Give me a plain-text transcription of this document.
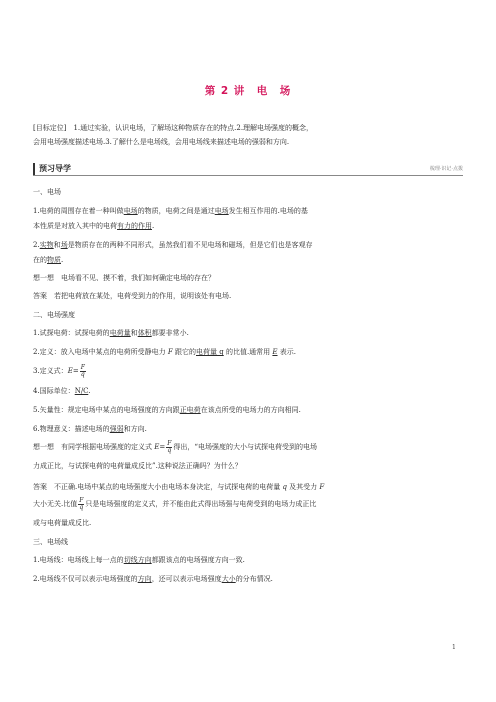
第 2 讲　电　场
[目标定位]　1.通过实验，认识电场，了解场这种物质存在的特点.2.理解电场强度的概念，
会用电场强度描述电场.3.了解什么是电场线，会用电场线来描述电场的强弱和方向.
预习导学	梳理·识记·点拨
一、电场
1.电荷的周围存在着一种叫做电场的物质，电荷之间是通过电场发生相互作用的.电场的基
本性质是对放入其中的电荷有力的作用.
2.实物和场是物质存在的两种不同形式，虽然我们看不见电场和磁场，但是它们也是客观存
在的物质.
想一想　电场看不见、摸不着，我们如何确定电场的存在？
答案　若把电荷放在某处，电荷受到力的作用，说明该处有电场.
二、电场强度
1.试探电荷：试探电荷的电荷量和体积都要非常小.
2.定义：放入电场中某点的电荷所受静电力 F 跟它的电荷量 q 的比值.通常用 E 表示.
3.定义式：$E= \frac{F}{q}$
4.国际单位：N/C.
5.矢量性：规定电场中某点的电场强度的方向跟正电荷在该点所受的电场力的方向相同.
6.物理意义：描述电场的强弱和方向.
想一想　有同学根据电场强度的定义式 $E= \frac{F}{q}$ 得出，“电场强度的大小与试探电荷受到的电场
力成正比，与试探电荷的电荷量成反比”.这种说法正确吗？为什么？
答案　不正确.电场中某点的电场强度大小由电场本身决定，与试探电荷的电荷量 q 及其受力 F
大小无关.比值 $\frac{F}{q}$ 只是电场强度的定义式，并不能由此式得出场强与电荷受到的电场力成正比
或与电荷量成反比.
三、电场线
1.电场线：电场线上每一点的切线方向都跟该点的电场强度方向一致.
2.电场线不仅可以表示电场强度的方向，还可以表示电场强度大小的分布情况.
1
